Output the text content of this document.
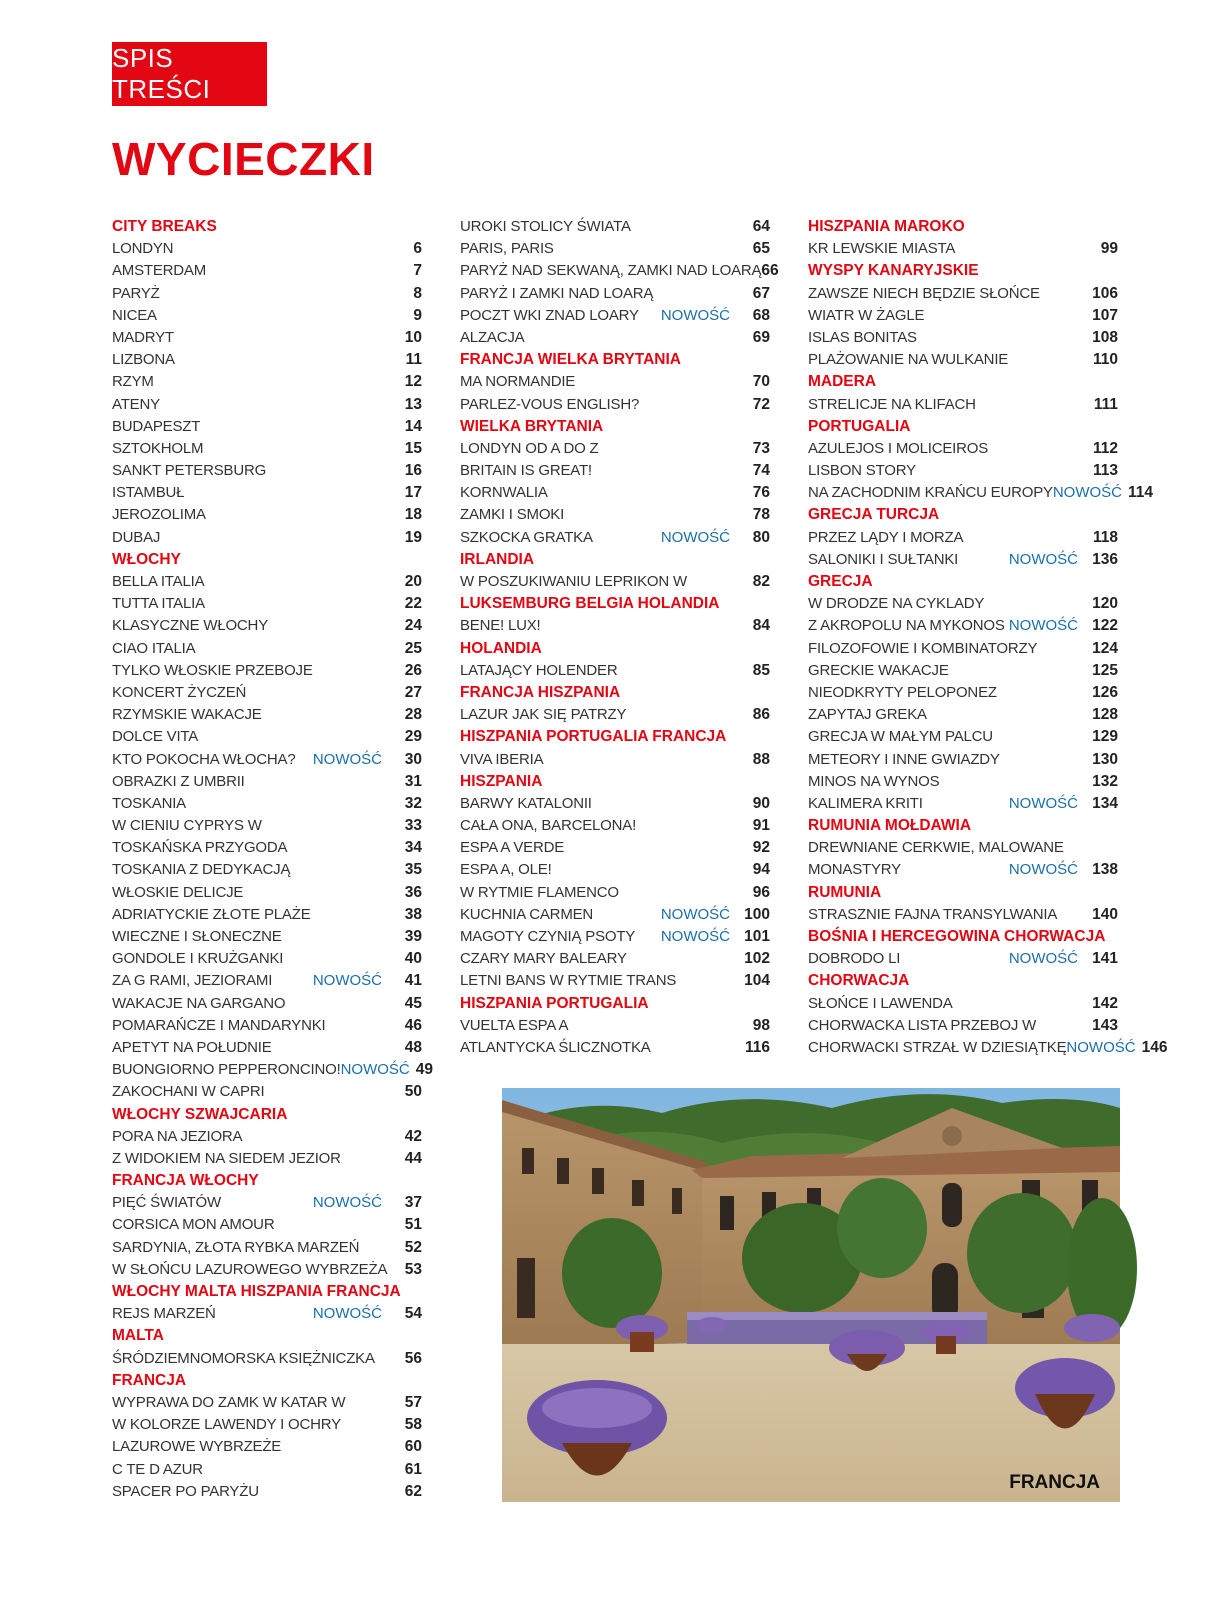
SPIS TREŚCI
WYCIECZKI
CITY BREAKS
LONDYN	6
AMSTERDAM	7
PARYŻ	8
NICEA	9
MADRYT	10
LIZBONA	11
RZYM	12
ATENY	13
BUDAPESZT	14
SZTOKHOLM	15
SANKT PETERSBURG	16
ISTAMBUŁ	17
JEROZOLIMA	18
DUBAJ	19
WŁOCHY
BELLA ITALIA	20
TUTTA ITALIA	22
KLASYCZNE WŁOCHY	24
CIAO ITALIA	25
TYLKO WŁOSKIE PRZEBOJE	26
KONCERT ŻYCZEŃ	27
RZYMSKIE WAKACJE	28
DOLCE VITA	29
KTO POKOCHA WŁOCHA?	NOWOŚĆ	30
OBRAZKI Z UMBRII	31
TOSKANIA	32
W CIENIU CYPRYS W	33
TOSKAŃSKA PRZYGODA	34
TOSKANIA Z DEDYKACJĄ	35
WŁOSKIE DELICJE	36
ADRIATYCKIE ZŁOTE PLAŻE	38
WIECZNE I SŁONECZNE	39
GONDOLE I KRUŻGANKI	40
ZA G RAMI, JEZIORAMI	NOWOŚĆ	41
WAKACJE NA GARGANO	45
POMARAŃCZE I MANDARYNKI	46
APETYT NA POŁUDNIE	48
BUONGIORNO PEPPERONCINO! NOWOŚĆ 49
ZAKOCHANI W CAPRI	50
WŁOCHY SZWAJCARIA
PORA NA JEZIORA	42
Z WIDOKIEM NA SIEDEM JEZIOR	44
FRANCJA WŁOCHY
PIĘĆ ŚWIATÓW	NOWOŚĆ	37
CORSICA MON AMOUR	51
SARDYNIA, ZŁOTA RYBKA MARZEŃ	52
W SŁOŃCU LAZUROWEGO WYBRZEŻA	53
WŁOCHY MALTA HISZPANIA FRANCJA
REJS MARZEŃ	NOWOŚĆ	54
MALTA
ŚRÓDZIEMNOMORSKA KSIĘŻNICZKA	56
FRANCJA
WYPRAWA DO ZAMK W KATAR W	57
W KOLORZE LAWENDY I OCHRY	58
LAZUROWE WYBRZEŻE	60
C TE D AZUR	61
SPACER PO PARYŻU	62
UROKI STOLICY ŚWIATA	64
PARIS, PARIS	65
PARYŻ NAD SEKWANĄ, ZAMKI NAD LOARĄ 66
PARYŻ I ZAMKI NAD LOARĄ	67
POCZT WKI ZNAD LOARY	NOWOŚĆ	68
ALZACJA	69
FRANCJA WIELKA BRYTANIA
MA NORMANDIE	70
PARLEZ-VOUS ENGLISH?	72
WIELKA BRYTANIA
LONDYN OD A DO Z	73
BRITAIN IS GREAT!	74
KORNWALIA	76
ZAMKI I SMOKI	78
SZKOCKA GRATKA	NOWOŚĆ	80
IRLANDIA
W POSZUKIWANIU LEPRIKON W	82
LUKSEMBURG BELGIA HOLANDIA
BENE! LUX!	84
HOLANDIA
LATAJĄCY HOLENDER	85
FRANCJA HISZPANIA
LAZUR JAK SIĘ PATRZY	86
HISZPANIA PORTUGALIA FRANCJA
VIVA IBERIA	88
HISZPANIA
BARWY KATALONII	90
CAŁA ONA, BARCELONA!	91
ESPA A VERDE	92
ESPA A, OLE!	94
W RYTMIE FLAMENCO	96
KUCHNIA CARMEN	NOWOŚĆ 100
MAGOTY CZYNIĄ PSOTY	NOWOŚĆ 101
CZARY MARY BALEARY	102
LETNI BANS W RYTMIE TRANS	104
HISZPANIA PORTUGALIA
VUELTA ESPA A	98
ATLANTYCKA ŚLICZNOTKA	116
HISZPANIA MAROKO
KR LEWSKIE MIASTA	99
WYSPY KANARYJSKIE
ZAWSZE NIECH BĘDZIE SŁOŃCE	106
WIATR W ŻAGLE	107
ISLAS BONITAS	108
PLAŻOWANIE NA WULKANIE	110
MADERA
STRELICJE NA KLIFACH	111
PORTUGALIA
AZULEJOS I MOLICEIROS	112
LISBON STORY	113
NA ZACHODNIM KRAŃCU EUROPY NOWOŚĆ 114
GRECJA TURCJA
PRZEZ LĄDY I MORZA	118
SALONIKI I SUŁTANKI	NOWOŚĆ 136
GRECJA
W DRODZE NA CYKLADY	120
Z AKROPOLU NA MYKONOS NOWOŚĆ 122
FILOZOFOWIE I KOMBINATORZY	124
GRECKIE WAKACJE	125
NIEODKRYTY PELOPONEZ	126
ZAPYTAJ GREKA	128
GRECJA W MAŁYM PALCU	129
METEORY I INNE GWIAZDY	130
MINOS NA WYNOS	132
KALIMERA KRITI	NOWOŚĆ 134
RUMUNIA MOŁDAWIA
DREWNIANE CERKWIE, MALOWANE
MONASTYRY	NOWOŚĆ 138
RUMUNIA
STRASZNIE FAJNA TRANSYLWANIA	140
BOŚNIA I HERCEGOWINA CHORWACJA
DOBRODO LI	NOWOŚĆ 141
CHORWACJA
SŁOŃCE I LAWENDA	142
CHORWACKA LISTA PRZEBOJ W	143
CHORWACKI STRZAŁ W DZIESIĄTKĘ NOWOŚĆ 146
FRANCJA
